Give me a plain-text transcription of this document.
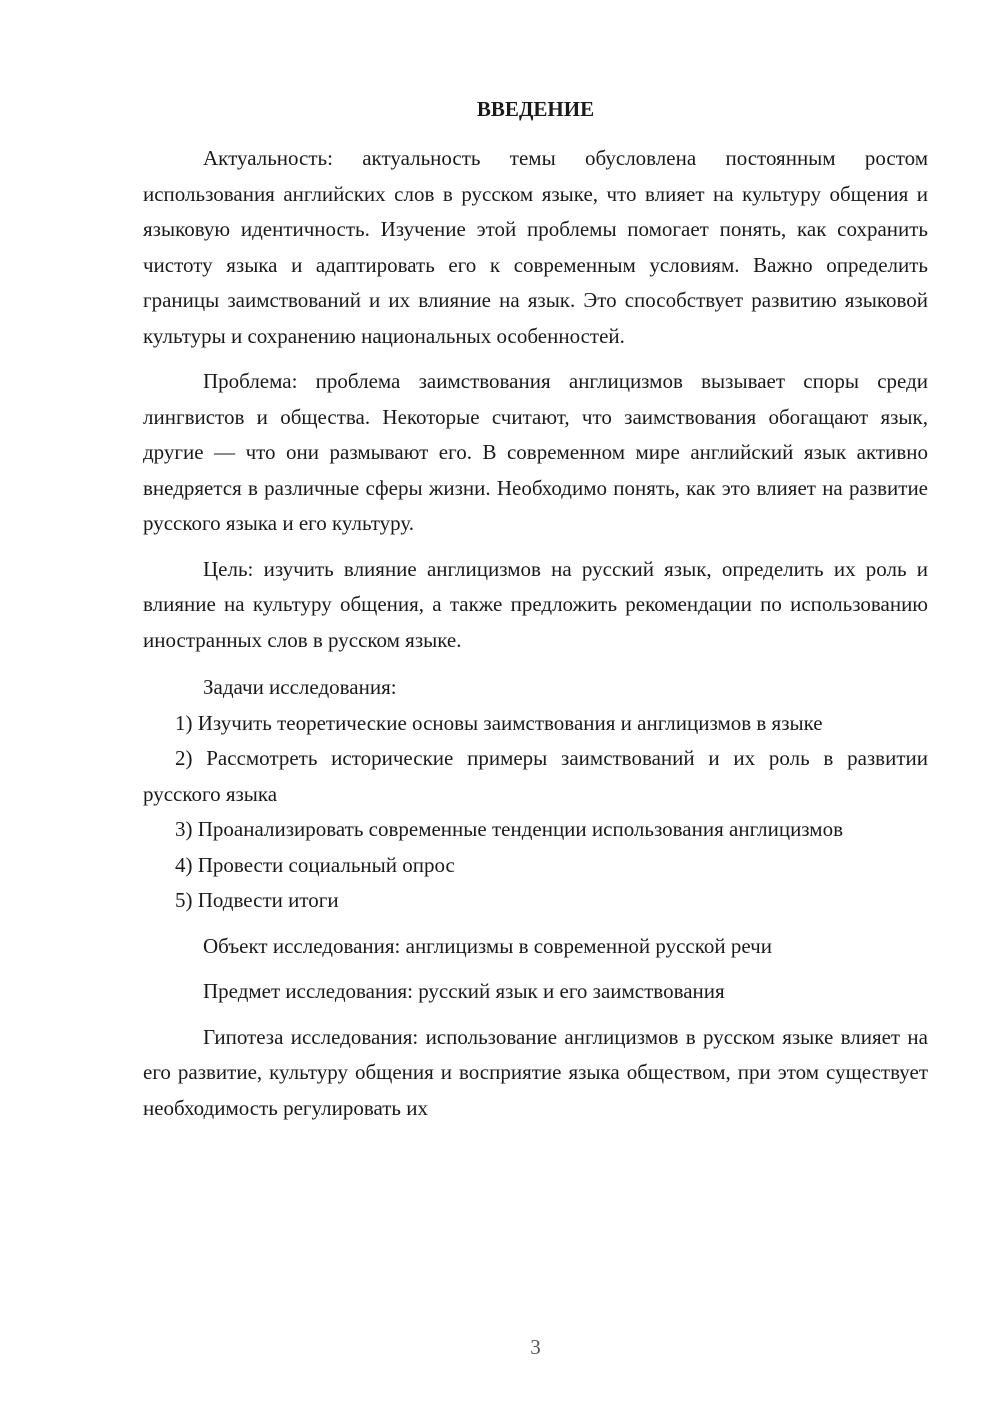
ВВЕДЕНИЕ

Актуальность: актуальность темы обусловлена постоянным ростом использования английских слов в русском языке, что влияет на культуру общения и языковую идентичность. Изучение этой проблемы помогает понять, как сохранить чистоту языка и адаптировать его к современным условиям. Важно определить границы заимствований и их влияние на язык. Это способствует развитию языковой культуры и сохранению национальных особенностей.

Проблема: проблема заимствования англицизмов вызывает споры среди лингвистов и общества. Некоторые считают, что заимствования обогащают язык, другие — что они размывают его. В современном мире английский язык активно внедряется в различные сферы жизни. Необходимо понять, как это влияет на развитие русского языка и его культуру.

Цель: изучить влияние англицизмов на русский язык, определить их роль и влияние на культуру общения, а также предложить рекомендации по использованию иностранных слов в русском языке.

Задачи исследования:

1) Изучить теоретические основы заимствования и англицизмов в языке

2) Рассмотреть исторические примеры заимствований и их роль в развитии русского языка

3) Проанализировать современные тенденции использования англицизмов

4) Провести социальный опрос

5) Подвести итоги

Объект исследования: англицизмы в современной русской речи

Предмет исследования: русский язык и его заимствования

Гипотеза исследования: использование англицизмов в русском языке влияет на его развитие, культуру общения и восприятие языка обществом, при этом существует необходимость регулировать их

3
